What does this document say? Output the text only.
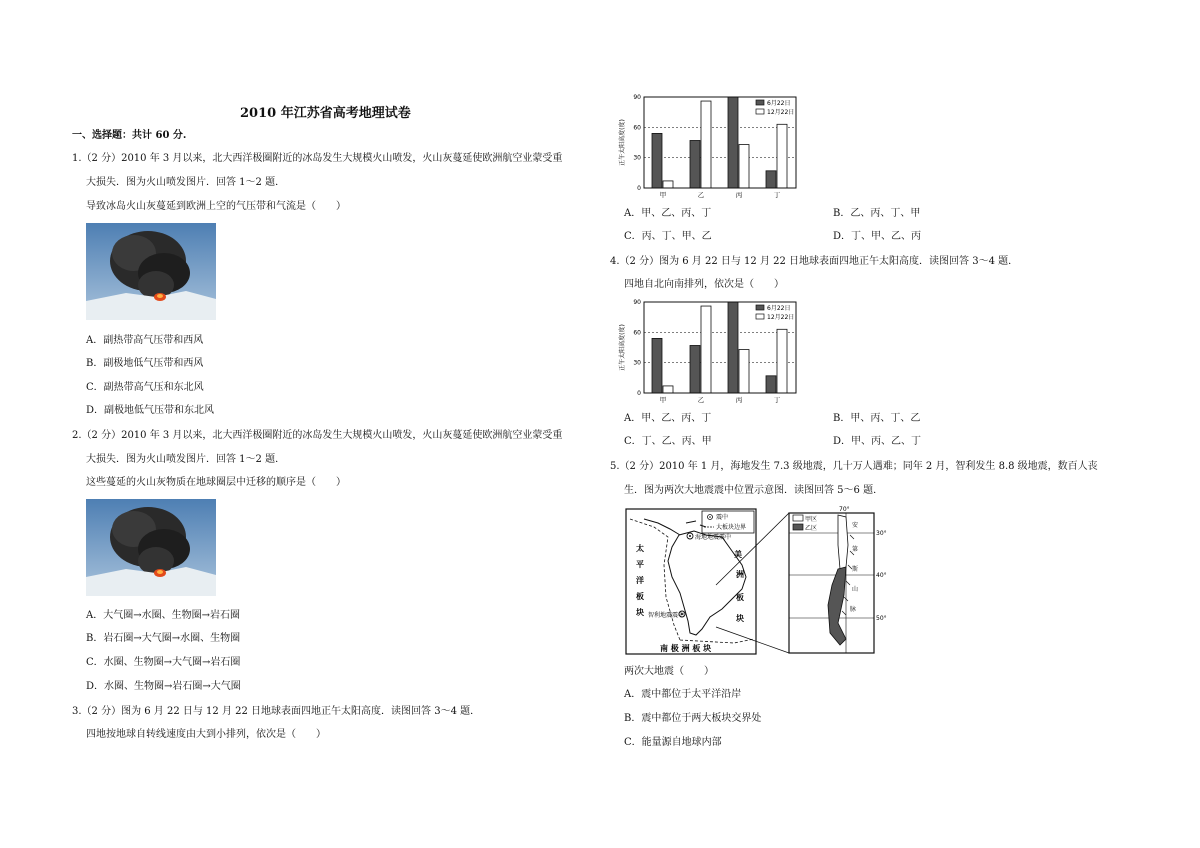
2010 年江苏省高考地理试卷
一、选择题：共计 60 分.
1.（2 分）2010 年 3 月以来，北大西洋极圈附近的冰岛发生大规模火山喷发，火山灰蔓延使欧洲航空业蒙受重
大损失．图为火山喷发图片．回答 1～2 题．
导致冰岛火山灰蔓延到欧洲上空的气压带和气流是（　　）
A．副热带高气压带和西风
B．副极地低气压带和西风
C．副热带高气压和东北风
D．副极地低气压带和东北风
2.（2 分）2010 年 3 月以来，北大西洋极圈附近的冰岛发生大规模火山喷发，火山灰蔓延使欧洲航空业蒙受重
大损失．图为火山喷发图片．回答 1～2 题．
这些蔓延的火山灰物质在地球圈层中迁移的顺序是（　　）
A．大气圈→水圈、生物圈→岩石圈
B．岩石圈→大气圈→水圈、生物圈
C．水圈、生物圈→大气圈→岩石圈
D．水圈、生物圈→岩石圈→大气圈
3.（2 分）图为 6 月 22 日与 12 月 22 日地球表面四地正午太阳高度．读图回答 3～4 题．
四地按地球自转线速度由大到小排列，依次是（　　）
正午太阳高度(度)
0
30
60
90
甲	乙	丙	丁
6月22日
12月22日
A．甲、乙、丙、丁	B．乙、丙、丁、甲
C．丙、丁、甲、乙	D．丁、甲、乙、丙
4.（2 分）图为 6 月 22 日与 12 月 22 日地球表面四地正午太阳高度．读图回答 3～4 题．
四地自北向南排列，依次是（　　）
正午太阳高度(度)
0
30
60
90
甲	乙	丙	丁
6月22日
12月22日
A．甲、乙、丙、丁	B．甲、丙、丁、乙
C．丁、乙、丙、甲	D．甲、丙、乙、丁
5.（2 分）2010 年 1 月，海地发生 7.3 级地震，几十万人遇难；同年 2 月，智利发生 8.8 级地震，数百人丧
生．图为两次大地震震中位置示意图．读图回答 5～6 题．
震中
大板块边界
海地地震震中
智利地震震中
太
平
洋
板
块
美
洲
板
块
南 极 洲 板 块
甲区
乙区
70°
30°
40°
50°
安
第
斯
山
脉
两次大地震（　　）
A．震中都位于太平洋沿岸
B．震中都位于两大板块交界处
C．能量源自地球内部
